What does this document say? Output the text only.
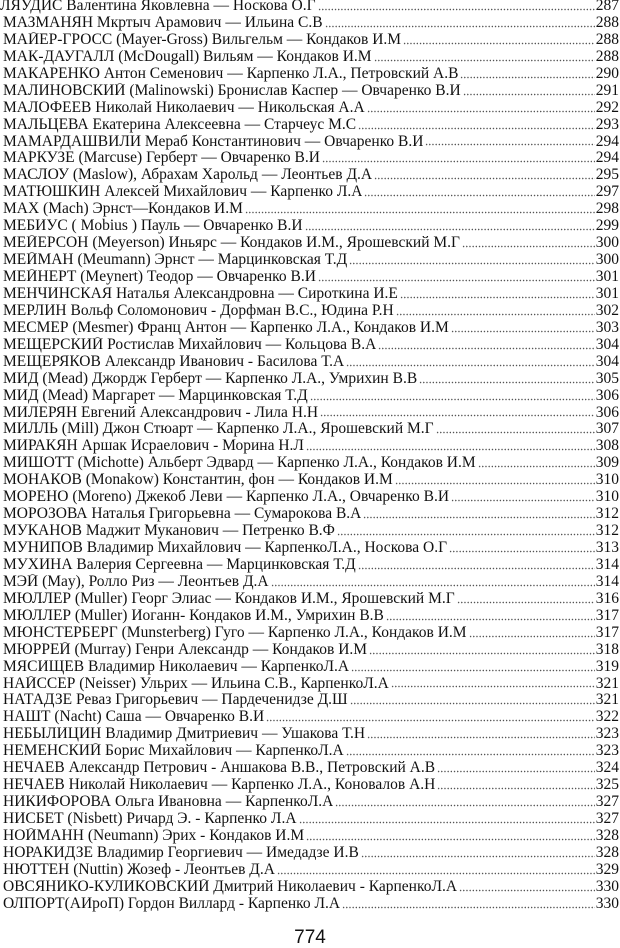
ЛЯУДИС Валентина Яковлевна — Носкова О.Г	287
МАЗМАНЯН Мкртыч Арамович — Ильина С.В	288
МАЙЕР-ГРОСС (Mayer-Gross) Вильгельм — Кондаков И.М	288
МАК-ДАУГАЛЛ (McDougall) Вильям — Кондаков И.М	288
МАКАРЕНКО Антон Семенович — Карпенко Л.А., Петровский А.В	290
МАЛИНОВСКИЙ (Malinowski) Бронислав Каспер — Овчаренко В.И	291
МАЛОФЕЕВ Николай Николаевич — Никольская А.А	292
МАЛЬЦЕВА Екатерина Алексеевна — Старчеус М.С	293
МАМАРДАШВИЛИ Мераб Константинович — Овчаренко В.И	294
МАРКУЗЕ (Marcuse) Герберт — Овчаренко В.И	294
МАСЛОУ (Maslow), Абрахам Харольд — Леонтьев Д.А	295
МАТЮШКИН Алексей Михайлович — Карпенко Л.А	297
МАХ (Mach) Эрнст—Кондаков И.М	298
МЕБИУС ( Mobius ) Пауль — Овчаренко В.И	299
МЕЙЕРСОН (Meyerson) Иньярс — Кондаков И.М., Ярошевский М.Г	300
МЕЙМАН (Meumann) Эрнст — Марцинковская Т.Д	300
МЕЙНЕРТ (Meynert) Теодор — Овчаренко В.И	301
МЕНЧИНСКАЯ Наталья Александровна — Сироткина И.Е	301
МЕРЛИН Вольф Соломонович - Дорфман В.С., Юдина Р.Н	302
МЕСМЕР (Mesmer) Франц Антон — Карпенко Л.А., Кондаков И.М	303
МЕЩЕРСКИЙ Ростислав Михайлович — Кольцова В.А	304
МЕЩЕРЯКОВ Александр Иванович - Басилова Т.А	304
МИД (Mead) Джордж Герберт — Карпенко Л.А., Умрихин В.В	305
МИД (Mead) Маргарет — Марцинковская Т.Д	306
МИЛЕРЯН Евгений Александрович - Лила Н.Н	306
МИЛЛЬ (Mill) Джон Стюарт — Карпенко Л.А., Ярошевский М.Г	307
МИРАКЯН Аршак Исраелович - Морина Н.Л	308
МИШОТТ (Michotte) Альберт Эдвард — Карпенко Л.А., Кондаков И.М	309
МОНАКОВ (Monakow) Константин, фон — Кондаков И.М	310
МОРЕНО (Moreno) Джекоб Леви — Карпенко Л.А., Овчаренко В.И	310
МОРОЗОВА Наталья Григорьевна — Сумарокова В.А	312
МУКАНОВ Маджит Муканович — Петренко В.Ф	312
МУНИПОВ Владимир Михайлович — КарпенкоЛ.А., Носкова О.Г	313
МУХИНА Валерия Сергеевна — Марцинковская Т.Д	314
МЭЙ (May), Ролло Риз — Леонтьев Д.А	314
МЮЛЛЕР (Muller) Георг Элиас — Кондаков И.М., Ярошевский М.Г	316
МЮЛЛЕР (Muller) Иоганн- Кондаков И.М., Умрихин В.В	317
МЮНСТЕРБЕРГ (Munsterberg) Гуго — Карпенко Л.А., Кондаков И.М	317
МЮРРЕЙ (Murray) Генри Александр — Кондаков И.М	318
МЯСИЩЕВ Владимир Николаевич — КарпенкоЛ.А	319
НАЙССЕР (Neisser) Ульрих — Ильина С.В., КарпенкоЛ.А	321
НАТАДЗЕ Реваз Григорьевич — Пардеченидзе Д.Ш	321
НАШТ (Nacht) Саша — Овчаренко В.И	322
НЕБЫЛИЦИН Владимир Дмитриевич — Ушакова Т.Н	323
НЕМЕНСКИЙ Борис Михайлович — КарпенкоЛ.А	323
НЕЧАЕВ Александр Петрович - Аншакова В.В., Петровский А.В	324
НЕЧАЕВ Николай Николаевич — Карпенко Л.А., Коновалов А.Н	325
НИКИФОРОВА Ольга Ивановна — КарпенкоЛ.А	327
НИСБЕТ (Nisbett) Ричард Э. - Карпенко Л.А	327
НОЙМАНН (Neumann) Эрих - Кондаков И.М	328
НОРАКИДЗЕ Владимир Георгиевич — Имедадзе И.В	328
НЮТТЕН (Nuttin) Жозеф - Леонтьев Д.А	329
ОВСЯНИКО-КУЛИКОВСКИЙ Дмитрий Николаевич - КарпенкоЛ.А	330
ОЛПОРТ(АИроП) Гордон Виллард - Карпенко Л.А	330
774
